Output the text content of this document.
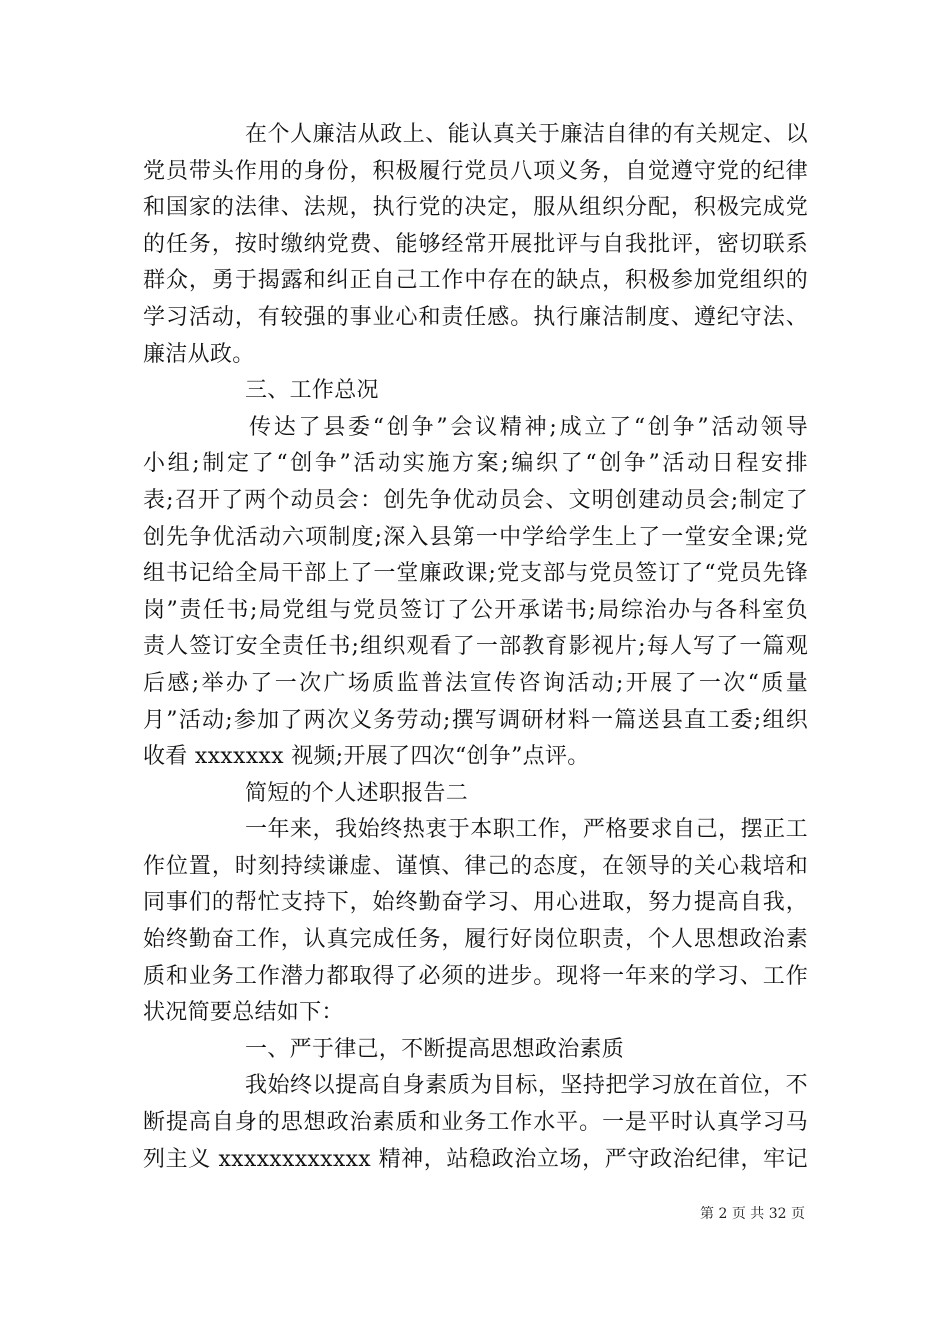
在个人廉洁从政上、能认真关于廉洁自律的有关规定、以
党员带头作用的身份，积极履行党员八项义务，自觉遵守党的纪律
和国家的法律、法规，执行党的决定，服从组织分配，积极完成党
的任务，按时缴纳党费、能够经常开展批评与自我批评，密切联系
群众，勇于揭露和纠正自己工作中存在的缺点，积极参加党组织的
学习活动，有较强的事业心和责任感。执行廉洁制度、遵纪守法、
廉洁从政。
三、工作总况
传达了县委“创争”会议精神;成立了“创争”活动领导
小组;制定了“创争”活动实施方案;编织了“创争”活动日程安排
表;召开了两个动员会：创先争优动员会、文明创建动员会;制定了
创先争优活动六项制度;深入县第一中学给学生上了一堂安全课;党
组书记给全局干部上了一堂廉政课;党支部与党员签订了“党员先锋
岗”责任书;局党组与党员签订了公开承诺书;局综治办与各科室负
责人签订安全责任书;组织观看了一部教育影视片;每人写了一篇观
后感;举办了一次广场质监普法宣传咨询活动;开展了一次“质量
月”活动;参加了两次义务劳动;撰写调研材料一篇送县直工委;组织
收看 xxxxxxx 视频;开展了四次“创争”点评。
简短的个人述职报告二
一年来，我始终热衷于本职工作，严格要求自己，摆正工
作位置，时刻持续谦虚、谨慎、律己的态度，在领导的关心栽培和
同事们的帮忙支持下，始终勤奋学习、用心进取，努力提高自我，
始终勤奋工作，认真完成任务，履行好岗位职责，个人思想政治素
质和业务工作潜力都取得了必须的进步。现将一年来的学习、工作
状况简要总结如下：
一、严于律己，不断提高思想政治素质
我始终以提高自身素质为目标，坚持把学习放在首位，不
断提高自身的思想政治素质和业务工作水平。一是平时认真学习马
列主义 xxxxxxxxxxxx 精神，站稳政治立场，严守政治纪律，牢记
第 2 页 共 32 页
